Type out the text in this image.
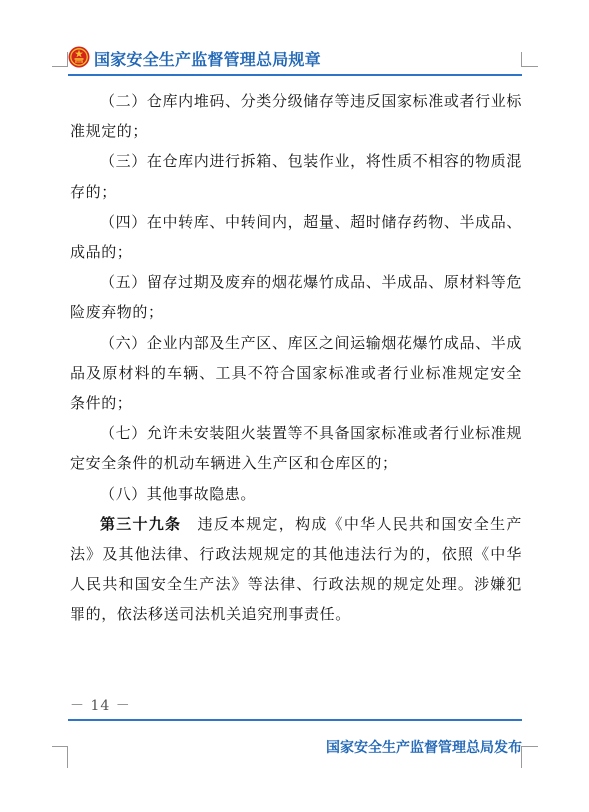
国家安全生产监督管理总局规章

（二）仓库内堆码、分类分级储存等违反国家标准或者行业标准规定的；

（三）在仓库内进行拆箱、包装作业，将性质不相容的物质混存的；

（四）在中转库、中转间内，超量、超时储存药物、半成品、成品的；

（五）留存过期及废弃的烟花爆竹成品、半成品、原材料等危险废弃物的；

（六）企业内部及生产区、库区之间运输烟花爆竹成品、半成品及原材料的车辆、工具不符合国家标准或者行业标准规定安全条件的；

（七）允许未安装阻火装置等不具备国家标准或者行业标准规定安全条件的机动车辆进入生产区和仓库区的；

（八）其他事故隐患。

第三十九条　违反本规定，构成《中华人民共和国安全生产法》及其他法律、行政法规规定的其他违法行为的，依照《中华人民共和国安全生产法》等法律、行政法规的规定处理。涉嫌犯罪的，依法移送司法机关追究刑事责任。

－ 14 －
国家安全生产监督管理总局发布
